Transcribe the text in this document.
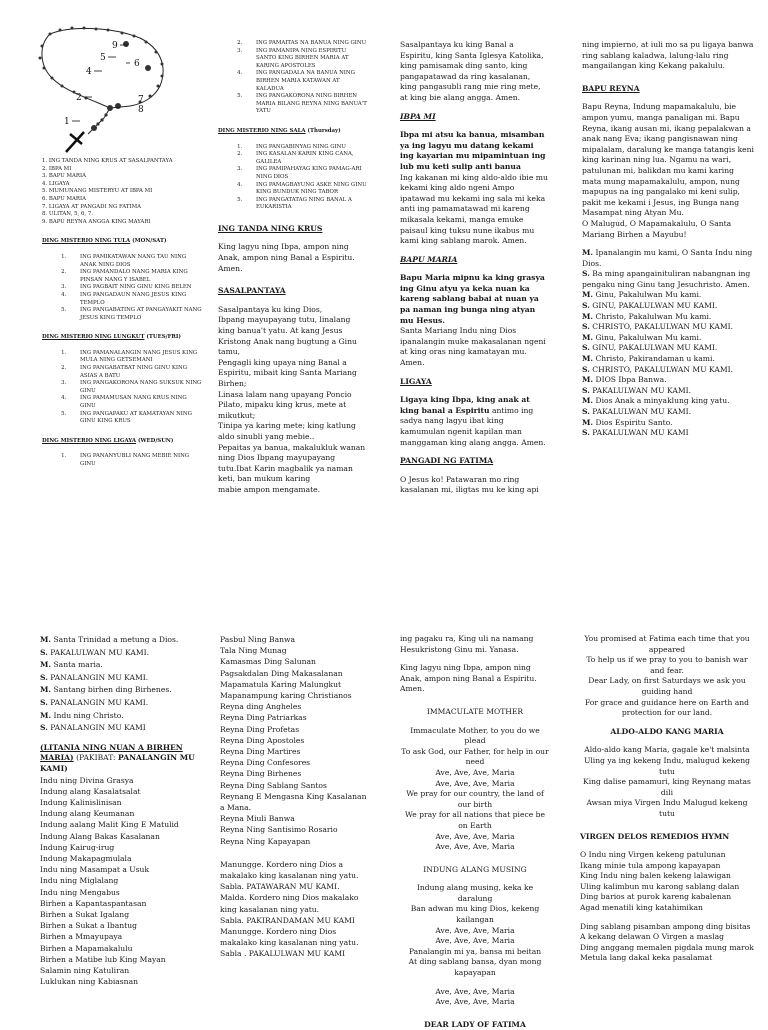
9
5
6
4
2	7
8
1
1. ING TANDA NING KRUS AT SASALPANTAYA
2. IBPA MI
3. BAPU MARIA
4. LIGAYA
5. MUMUNANG MISTERYU AT IBPA MI
6. BAPU MARIA
7. LIGAYA AT PANGADI NG FATIMA
8. ULITAN, 5, 6, 7.
9. BAPU REYNA ANGGA KING MAYARI

DING MISTERIO NING TULA (MON/SAT)

1. ING PAMIKATAWAN NANG TAU NING ANAK NING DIOS
2. ING PAMANDALO NANG MARIA KING PINSAN NANG Y ISABEL
3. ING PAGBAIT NING GINU KING BELEN
4. ING PANGADAUN NANG JESUS KING TEMPLO
5. ING PANGABATING AT PANGAYAKIT NANG JESUS KING TEMPLO

DING MISTERIO NING LUNGKUT (TUES/FRI)

1. ING PAMANALANGIN NANG JESUS KING MULA NING GETSEMANI
2. ING PANGABATBAT NING GINU KING ASIAS A BATU
3. ING PANGAKORONA NANG SUKSUK NING GINU
4. ING PAMAMUSAN NANG KRUS NING GINU
5. ING PANGAPAKU AT KAMATAYAN NING GINU KING KRUS

DING MISTERIO NING LIGAYA (WED/SUN)

1. ING PANANYUBLI NANG MEBIE NING GINU
2. ING PAMAITAS NA BANUA NING GINU
3. ING PAMANIPA NING ESPIRITU SANTO KING BIRHEN MARIA AT KARING APOSTOLES
4. ING PANGADALA NA BANUA NING BIRHEN MARIA KATAWAN AT KALADUA
5. ING PANGAKORONA NING BIRHEN MARIA BILANG REYNA NING BANUA'T YATU

DING MISTERIO NING SALA (Thursday)

1. ING PANGABINYAG NING GINU
2. ING KASALAN KARIN KING CANA, GALILEA
3. ING PAMIPAHAYAG KING PAMAG-ARI NING DIOS
4. ING PAMAGBAYUNG ASKE NING GINU KING BUNDUK NING TABOR
5. ING PANGATATAG NING BANAL A EUKARISTIA

ING TANDA NING KRUS

King lagyu ning Ibpa, ampon ning Anak, ampon ning Banal a Espiritu. Amen.

SASALPANTAYA

Sasalpantaya ku king Dios,

Ibpang mayupayang tutu, linalang king banua't yatu. At kang Jesus Kristong Anak nang bugtung a Ginu tamu,

Pengagli king upaya ning Banal a Espiritu, mibait king Santa Mariang Birhen;

Linasa lalam nang upayang Poncio Pilato, mipaku king krus, mete at mikutkut;

Tinipa ya karing mete; king katlung aldo sinubli yang mebie..

Pepaitas ya banua, makalukluk wanan ning Dios Ibpang mayupayang tutu.Ibat Karin magbalik ya naman keti, ban mukum karing

mabie ampon mengamate.

Sasalpantaya ku king Banal a Espiritu, king Santa Iglesya Katolika, king pamisamak ding santo, king pangapatawad da ring kasalanan, king pangasubli rang mie ring mete, at king bie alang angga. Amen.

IBPA MI

Ibpa mi atsu ka banua, misamban ya ing lagyu mu datang kekami ing kayarian mu mipamintuan ing lub mu keti sulip anti banua

Ing kakanan mi king aldo-aldo ibie mu kekami king aldo ngeni Ampo ipatawad mu kekami ing sala mi keka anti ing pamamatawad mi kareng mikasala kekami, manga emuke paisaul king tuksu nune ikabus mu kami king sablang marok. Amen.

BAPU MARIA

Bapu Maria mipnu ka king grasya ing Ginu atyu ya keka nuan ka kareng sablang babai at nuan ya pa naman ing bunga ning atyan mu Hesus.

Santa Mariang Indu ning Dios ipanalangin muke makasalanan ngeni at king oras ning kamatayan mu. Amen.

LIGAYA

Ligaya king Ibpa, king anak at king banal a Espiritu antimo ing sadya nang lagyu ibat king kamumulan ngenit kapilan man manggaman king alang angga. Amen.

PANGADI NG FATIMA

O Jesus ko! Patawaran mo ring kasalanan mi, iligtas mu ke king api

ning impierno, at iuli mo sa pu ligaya banwa ring sablang kaladwa, lalung-lalu ring mangailangan king Kekang pakalulu.

BAPU REYNA

Bapu Reyna, Indung mapamakalulu, bie ampon yumu, manga panaligan mi. Bapu Reyna, ikang ausan mi, ikang pepalakwan a anak nang Eva; ikang pangisnawan ning mipalalam, daralung ke manga tatangis keni king karinan ning lua. Ngamu na wari, patulunan mi, balikdan mu kami karing mata mung mapamakalulu, ampon, nung mapupus na ing pangalako mi keni sulip, pakit me kekami i Jesus, ing Bunga nang Masampat ning Atyan Mu.

O Malugud, O Mapamakalulu, O Santa Mariang Birhen a Mayubu!

M. Ipanalangin mu kami, O Santa Indu ning Dios.

S. Ba ming apangainituliran nabangnan ing pengaku ning Ginu tang Jesuchristo. Amen.

M. Ginu, Pakalulwan Mu kami.

S. GINU, PAKALULWAN MU KAMI.

M. Christo, Pakalulwan Mu kami.

S. CHRISTO, PAKALULWAN MU KAMI.

M. Ginu, Pakalulwan Mu kami.

S. GINU, PAKALULWAN MU KAMI.

M. Christo, Pakirandaman u kami.

S. CHRISTO, PAKALULWAN MU KAMI.

M. DIOS Ibpa Banwa.

S. PAKALULWAN MU KAMI.

M. Dios Anak a minyaklung king yatu.

S. PAKALULWAN MU KAMI.

M. Dios Espiritu Santo.

S. PAKALULWAN MU KAMI

M. Santa Trinidad a metung a Dios.

S. PAKALULWAN MU KAMI.

M. Santa maria.

S. PANALANGIN MU KAMI.

M. Santang birhen ding Birhenes.

S. PANALANGIN MU KAMI.

M. Indu ning Christo.

S. PANALANGIN MU KAMI

(LITANIA NING NUAN A BIRHEN MARIA) (PAKIBAT: PANALANGIN MU KAMI)

Indu ning Divina Grasya
Indung alang Kasalatsalat
Indung Kalinislinisan
Indung alang Keumanan
Indung aalang Malit King E Matulid
Indung Alang Bakas Kasalanan
Indung Kairug-irug
Indung Makapagmulala
Indu ning Masampat a Usuk
Indu ning Miglalang
Indu ning Mengabus
Birhen a Kapantaspantasan
Birhen a Sukat Igalang
Birhen a Sukat a Ibantug
Birhen a Mmayupaya
Birhen a Mapamakalulu
Birhen a Matibe lub King Mayan
Salamin ning Katuliran
Luklukan ning Kabiasnan
Pasbul Ning Banwa
Tala Ning Munag
Kamasmas Ding Salunan
Pagsakdalan Ding Makasalanan
Mapamatula Karing Malungkut
Mapanampung karing Christianos
Reyna ding Angheles
Reyna Ding Patriarkas
Reyna Ding Profetas
Reyna Ding Apostoles
Reyna Ding Martires
Reyna Ding Confesores
Reyna Ding Birhenes
Reyna Ding Sablang Santos
Reynang E Mengasna King Kasalanan a Mana.
Reyna Miuli Banwa
Reyna Ning Santisimo Rosario
Reyna Ning Kapayapan
Manungge. Kordero ning Dios a makalako king kasalanan ning yatu.
Sabla. PATAWARAN MU KAMI.
Malda. Kordero ning Dios makalako king kasalanan ning yatu.
Sabla. PAKIRANDAMAN MU KAMI
Manungge. Kordero ning Dios makalako king kasalanan ning yatu.
Sabla . PAKALULWAN MU KAMI

ing pagaku ra, King uli na namang Hesukristong Ginu mi. Yanasa.

King lagyu ning Ibpa, ampon ning Anak, ampon ning Banal a Espiritu. Amen.

IMMACULATE MOTHER

Immaculate Mother, to you do we plead

To ask God, our Father, for help in our need

Ave, Ave, Ave, Maria

Ave, Ave, Ave, Maria

We pray for our country, the land of our birth

We pray for all nations that piece be on Earth

Ave, Ave, Ave, Maria

Ave, Ave, Ave, Maria

INDUNG ALANG MUSING

Indung alang musing, keka ke daralung

Ban adwan mu king Dios, kekeng kailangan

Ave, Ave, Ave, Maria

Ave, Ave, Ave, Maria

Panalangin mi ya, bansa mi beitan

At ding sablang bansa, dyan mong kapayapan

Ave, Ave, Ave, Maria

Ave, Ave, Ave, Maria

DEAR LADY OF FATIMA

You promised at Fatima each time that you appeared

To help us if we pray to you to banish war and fear.

Dear Lady, on first Saturdays we ask you guiding hand

For grace and guidance here on Earth and protection for our land.

ALDO-ALDO KANG MARIA

Aldo-aldo kang Maria, gagale ke't malsinta

Uling ya ing kekeng Indu, malugud kekeng tutu

King dalise pamamuri, king Reynang matas dili

Awsan miya Virgen Indu Malugud kekeng tutu

VIRGEN DELOS REMEDIOS HYMN

O Indu ning Virgen kekeng patulunan

Ikang minie tula ampong kapayapan

King Indu ning balen kekeng lalawigan

Uling kalimbun mu karong sablang dalan

Ding barios at purok kareng kabalenan

Agad menatili king katahimikan

Ding sablang pisamban ampong ding bisitas

A kekang delawan O Virgen a maslag

Ding anggang memalen pigdala mung marok

Metula lang dakal keka pasalamat
